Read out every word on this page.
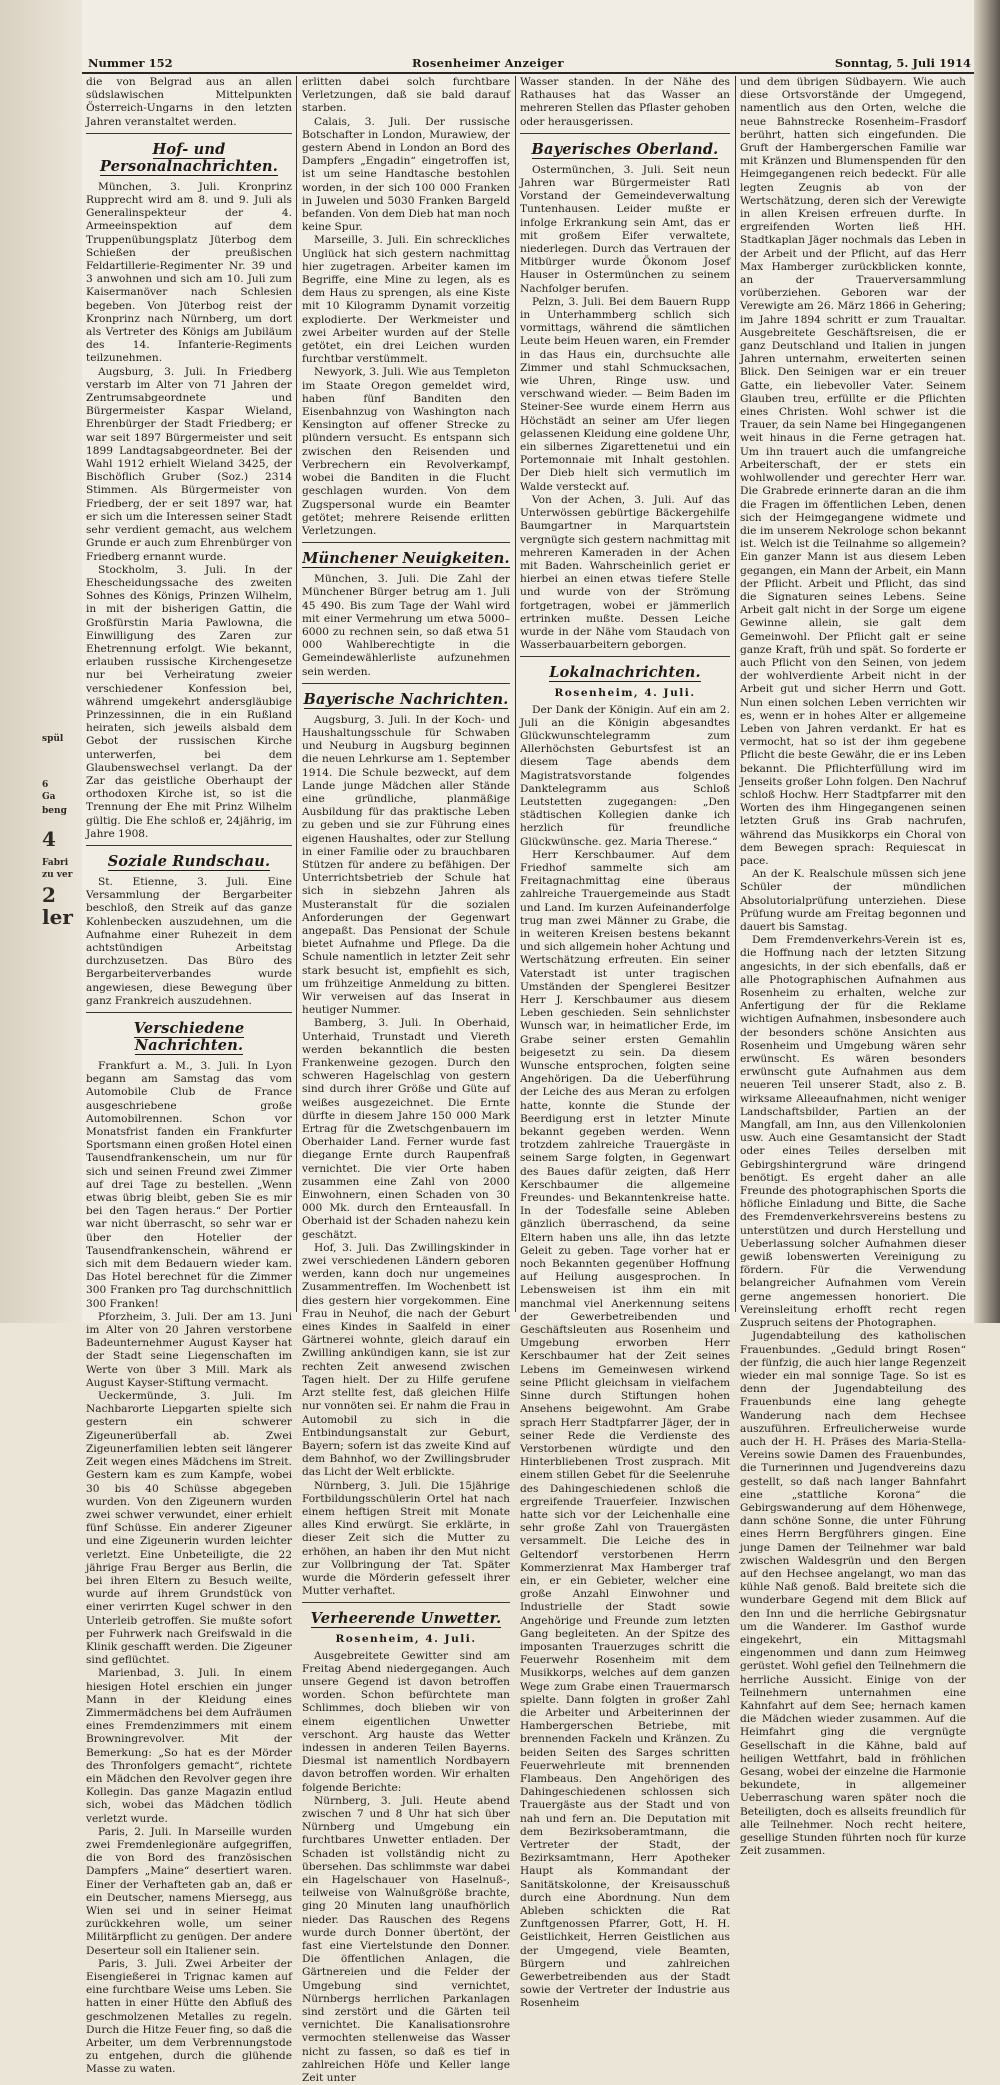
spül
6
Ga
beng
4
Fabri
zu ver
2 ler
Nummer 152	Rosenheimer Anzeiger	Sonntag, 5. Juli 1914

die von Belgrad aus an allen südslawischen Mittelpunkten Österreich-Ungarns in den letzten Jahren veranstaltet werden.

Hof- und Personalnachrichten.

München, 3. Juli. Kronprinz Rupprecht wird am 8. und 9. Juli als Generalinspekteur der 4. Armeeinspektion auf dem Truppenübungsplatz Jüterbog dem Schießen der preußischen Feldartillerie-Regimenter Nr. 39 und 3 anwohnen und sich am 10. Juli zum Kaisermanöver nach Schlesien begeben. Von Jüterbog reist der Kronprinz nach Nürnberg, um dort als Vertreter des Königs am Jubiläum des 14. Infanterie-Regiments teilzunehmen.

Augsburg, 3. Juli. In Friedberg verstarb im Alter von 71 Jahren der Zentrumsabgeordnete und Bürgermeister Kaspar Wieland, Ehrenbürger der Stadt Friedberg; er war seit 1897 Bürgermeister und seit 1899 Landtagsabgeordneter. Bei der Wahl 1912 erhielt Wieland 3425, der Bischöflich Gruber (Soz.) 2314 Stimmen. Als Bürgermeister von Friedberg, der er seit 1897 war, hat er sich um die Interessen seiner Stadt sehr verdient gemacht, aus welchem Grunde er auch zum Ehrenbürger von Friedberg ernannt wurde.

Stockholm, 3. Juli. In der Ehescheidungssache des zweiten Sohnes des Königs, Prinzen Wilhelm, in mit der bisherigen Gattin, die Großfürstin Maria Pawlowna, die Einwilligung des Zaren zur Ehetrennung erfolgt. Wie bekannt, erlauben russische Kirchengesetze nur bei Verheiratung zweier verschiedener Konfession bei, während umgekehrt andersgläubige Prinzessinnen, die in ein Rußland heiraten, sich jeweils alsbald dem Gebot der russischen Kirche unterwerfen, bei dem Glaubenswechsel verlangt. Da der Zar das geistliche Oberhaupt der orthodoxen Kirche ist, so ist die Trennung der Ehe mit Prinz Wilhelm gültig. Die Ehe schloß er, 24jährig, im Jahre 1908.

Soziale Rundschau.

St. Etienne, 3. Juli. Eine Versammlung der Bergarbeiter beschloß, den Streik auf das ganze Kohlenbecken auszudehnen, um die Aufnahme einer Ruhezeit in dem achtstündigen Arbeitstag durchzusetzen. Das Büro des Bergarbeiterverbandes wurde angewiesen, diese Bewegung über ganz Frankreich auszudehnen.

Verschiedene Nachrichten.

Frankfurt a. M., 3. Juli. In Lyon begann am Samstag das vom Automobile Club de France ausgeschriebene große Automobilrennen. Schon vor Monatsfrist fanden ein Frankfurter Sportsmann einen großen Hotel einen Tausendfrankenschein, um nur für sich und seinen Freund zwei Zimmer auf drei Tage zu bestellen. „Wenn etwas übrig bleibt, geben Sie es mir bei den Tagen heraus.“ Der Portier war nicht überrascht, so sehr war er über den Hotelier der Tausendfrankenschein, während er sich mit dem Bedauern wieder kam. Das Hotel berechnet für die Zimmer 300 Franken pro Tag durchschnittlich 300 Franken!

Pforzheim, 3. Juli. Der am 13. Juni im Alter von 20 Jahren verstorbene Badeunternehmer August Kayser hat der Stadt seine Liegenschaften im Werte von über 3 Mill. Mark als August Kayser-Stiftung vermacht.

Ueckermünde, 3. Juli. Im Nachbarorte Liepgarten spielte sich gestern ein schwerer Zigeunerüberfall ab. Zwei Zigeunerfamilien lebten seit längerer Zeit wegen eines Mädchens im Streit. Gestern kam es zum Kampfe, wobei 30 bis 40 Schüsse abgegeben wurden. Von den Zigeunern wurden zwei schwer verwundet, einer erhielt fünf Schüsse. Ein anderer Zigeuner und eine Zigeunerin wurden leichter verletzt. Eine Unbeteiligte, die 22 jährige Frau Berger aus Berlin, die bei ihren Eltern zu Besuch weilte, wurde auf ihrem Grundstück von einer verirrten Kugel schwer in den Unterleib getroffen. Sie mußte sofort per Fuhrwerk nach Greifswald in die Klinik geschafft werden. Die Zigeuner sind geflüchtet.

Marienbad, 3. Juli. In einem hiesigen Hotel erschien ein junger Mann in der Kleidung eines Zimmermädchens bei dem Aufräumen eines Fremdenzimmers mit einem Browningrevolver. Mit der Bemerkung: „So hat es der Mörder des Thronfolgers gemacht“, richtete ein Mädchen den Revolver gegen ihre Kollegin. Das ganze Magazin entlud sich, wobei das Mädchen tödlich verletzt wurde.

Paris, 2. Juli. In Marseille wurden zwei Fremdenlegionäre aufgegriffen, die von Bord des französischen Dampfers „Maine“ desertiert waren. Einer der Verhafteten gab an, daß er ein Deutscher, namens Miersegg, aus Wien sei und in seiner Heimat zurückkehren wolle, um seiner Militärpflicht zu genügen. Der andere Deserteur soll ein Italiener sein.

Paris, 3. Juli. Zwei Arbeiter der Eisengießerei in Trignac kamen auf eine furchtbare Weise ums Leben. Sie hatten in einer Hütte den Abfluß des geschmolzenen Metalles zu regeln. Durch die Hitze Feuer fing, so daß die Arbeiter, um dem Verbrennungstode zu entgehen, durch die glühende Masse zu waten.

erlitten dabei solch furchtbare Verletzungen, daß sie bald darauf starben.

Calais, 3. Juli. Der russische Botschafter in London, Murawiew, der gestern Abend in London an Bord des Dampfers „Engadin“ eingetroffen ist, ist um seine Handtasche bestohlen worden, in der sich 100 000 Franken in Juwelen und 5030 Franken Bargeld befanden. Von dem Dieb hat man noch keine Spur.

Marseille, 3. Juli. Ein schreckliches Unglück hat sich gestern nachmittag hier zugetragen. Arbeiter kamen im Begriffe, eine Mine zu legen, als es dem Haus zu sprengen, als eine Kiste mit 10 Kilogramm Dynamit vorzeitig explodierte. Der Werkmeister und zwei Arbeiter wurden auf der Stelle getötet, ein drei Leichen wurden furchtbar verstümmelt.

Newyork, 3. Juli. Wie aus Templeton im Staate Oregon gemeldet wird, haben fünf Banditen den Eisenbahnzug von Washington nach Kensington auf offener Strecke zu plündern versucht. Es entspann sich zwischen den Reisenden und Verbrechern ein Revolverkampf, wobei die Banditen in die Flucht geschlagen wurden. Von dem Zugspersonal wurde ein Beamter getötet; mehrere Reisende erlitten Verletzungen.

Münchener Neuigkeiten.

München, 3. Juli. Die Zahl der Münchener Bürger betrug am 1. Juli 45 490. Bis zum Tage der Wahl wird mit einer Vermehrung um etwa 5000–6000 zu rechnen sein, so daß etwa 51 000 Wahlberechtigte in die Gemeindewählerliste aufzunehmen sein werden.

Bayerische Nachrichten.

Augsburg, 3. Juli. In der Koch- und Haushaltungsschule für Schwaben und Neuburg in Augsburg beginnen die neuen Lehrkurse am 1. September 1914. Die Schule bezweckt, auf dem Lande junge Mädchen aller Stände eine gründliche, planmäßige Ausbildung für das praktische Leben zu geben und sie zur Führung eines eigenen Haushaltes, oder zur Stellung in einer Familie oder zu brauchbaren Stützen für andere zu befähigen. Der Unterrichtsbetrieb der Schule hat sich in siebzehn Jahren als Musteranstalt für die sozialen Anforderungen der Gegenwart angepaßt. Das Pensionat der Schule bietet Aufnahme und Pflege. Da die Schule namentlich in letzter Zeit sehr stark besucht ist, empfiehlt es sich, um frühzeitige Anmeldung zu bitten. Wir verweisen auf das Inserat in heutiger Nummer.

Bamberg, 3. Juli. In Oberhaid, Unterhaid, Trunstadt und Viereth werden bekanntlich die besten Frankenweine gezogen. Durch den schweren Hagelschlag von gestern sind durch ihrer Größe und Güte auf weißes ausgezeichnet. Die Ernte dürfte in diesem Jahre 150 000 Mark Ertrag für die Zwetschgenbauern im Oberhaider Land. Ferner wurde fast diegange Ernte durch Raupenfraß vernichtet. Die vier Orte haben zusammen eine Zahl von 2000 Einwohnern, einen Schaden von 30 000 Mk. durch den Ernteausfall. In Oberhaid ist der Schaden nahezu kein geschätzt.

Hof, 3. Juli. Das Zwillingskinder in zwei verschiedenen Ländern geboren werden, kann doch nur ungemeines Zusammentreffen. Im Wochenbett ist dies gestern hier vorgekommen. Eine Frau in Neuhof, die nach der Geburt eines Kindes in Saalfeld in einer Gärtnerei wohnte, gleich darauf ein Zwilling ankündigen kann, sie ist zur rechten Zeit anwesend zwischen Tagen hielt. Der zu Hilfe gerufene Arzt stellte fest, daß gleichen Hilfe nur vonnöten sei. Er nahm die Frau in Automobil zu sich in die Entbindungsanstalt zur Geburt, Bayern; sofern ist das zweite Kind auf dem Bahnhof, wo der Zwillingsbruder das Licht der Welt erblickte.

Nürnberg, 3. Juli. Die 15jährige Fortbildungsschülerin Ortel hat nach einem heftigen Streit mit Monate alles Kind erwürgt. Sie erklärte, in dieser Zeit sich die Mutter zu erhöhen, an haben ihr den Mut nicht zur Vollbringung der Tat. Später wurde die Mörderin gefesselt ihrer Mutter verhaftet.

Verheerende Unwetter.
Rosenheim, 4. Juli.

Ausgebreitete Gewitter sind am Freitag Abend niedergegangen. Auch unsere Gegend ist davon betroffen worden. Schon befürchtete man Schlimmes, doch blieben wir von einem eigentlichen Unwetter verschont. Arg hauste das Wetter indessen in anderen Teilen Bayerns. Diesmal ist namentlich Nordbayern davon betroffen worden. Wir erhalten folgende Berichte:

Nürnberg, 3. Juli. Heute abend zwischen 7 und 8 Uhr hat sich über Nürnberg und Umgebung ein furchtbares Unwetter entladen. Der Schaden ist vollständig nicht zu übersehen. Das schlimmste war dabei ein Hagelschauer von Haselnuß-, teilweise von Walnußgröße brachte, ging 20 Minuten lang unaufhörlich nieder. Das Rauschen des Regens wurde durch Donner übertönt, der fast eine Viertelstunde den Donner. Die öffentlichen Anlagen, die Gärtnereien und die Felder der Umgebung sind vernichtet, Nürnbergs herrlichen Parkanlagen sind zerstört und die Gärten teil vernichtet. Die Kanalisationsrohre vermochten stellenweise das Wasser nicht zu fassen, so daß es tief in zahlreichen Höfe und Keller lange Zeit unter

Wasser standen. In der Nähe des Rathauses hat das Wasser an mehreren Stellen das Pflaster gehoben oder herausgerissen.

Bayerisches Oberland.

Ostermünchen, 3. Juli. Seit neun Jahren war Bürgermeister Ratl Vorstand der Gemeindeverwaltung Tuntenhausen. Leider mußte er infolge Erkrankung sein Amt, das er mit großem Eifer verwaltete, niederlegen. Durch das Vertrauen der Mitbürger wurde Ökonom Josef Hauser in Ostermünchen zu seinem Nachfolger berufen.

Pelzn, 3. Juli. Bei dem Bauern Rupp in Unterhammberg schlich sich vormittags, während die sämtlichen Leute beim Heuen waren, ein Fremder in das Haus ein, durchsuchte alle Zimmer und stahl Schmucksachen, wie Uhren, Ringe usw. und verschwand wieder. — Beim Baden im Steiner-See wurde einem Herrn aus Höchstädt an seiner am Ufer liegen gelassenen Kleidung eine goldene Uhr, ein silbernes Zigarettenetui und ein Portemonnaie mit Inhalt gestohlen. Der Dieb hielt sich vermutlich im Walde versteckt auf.

Von der Achen, 3. Juli. Auf das Unterwössen gebürtige Bäckergehilfe Baumgartner in Marquartstein vergnügte sich gestern nachmittag mit mehreren Kameraden in der Achen mit Baden. Wahrscheinlich geriet er hierbei an einen etwas tiefere Stelle und wurde von der Strömung fortgetragen, wobei er jämmerlich ertrinken mußte. Dessen Leiche wurde in der Nähe vom Staudach von Wasserbauarbeitern geborgen.

Lokalnachrichten.
Rosenheim, 4. Juli.

Der Dank der Königin. Auf ein am 2. Juli an die Königin abgesandtes Glückwunschtelegramm zum Allerhöchsten Geburtsfest ist an diesem Tage abends dem Magistratsvorstande folgendes Danktelegramm aus Schloß Leutstetten zugegangen: „Den städtischen Kollegien danke ich herzlich für freundliche Glückwünsche. gez. Maria Therese.“

Herr Kerschbaumer. Auf dem Friedhof sammelte sich am Freitagnachmittag eine überaus zahlreiche Trauergemeinde aus Stadt und Land. Im kurzen Aufeinanderfolge trug man zwei Männer zu Grabe, die in weiteren Kreisen bestens bekannt und sich allgemein hoher Achtung und Wertschätzung erfreuten. Ein seiner Vaterstadt ist unter tragischen Umständen der Spenglerei Besitzer Herr J. Kerschbaumer aus diesem Leben geschieden. Sein sehnlichster Wunsch war, in heimatlicher Erde, im Grabe seiner ersten Gemahlin beigesetzt zu sein. Da diesem Wunsche entsprochen, folgten seine Angehörigen. Da die Ueberführung der Leiche des aus Meran zu erfolgen hatte, konnte die Stunde der Beerdigung erst in letzter Minute bekannt gegeben werden. Wenn trotzdem zahlreiche Trauergäste in seinem Sarge folgten, in Gegenwart des Baues dafür zeigten, daß Herr Kerschbaumer die allgemeine Freundes- und Bekanntenkreise hatte. In der Todesfalle seine Ableben gänzlich überraschend, da seine Eltern haben uns alle, ihn das letzte Geleit zu geben. Tage vorher hat er noch Bekannten gegenüber Hoffnung auf Heilung ausgesprochen. In Lebensweisen ist ihm ein mit manchmal viel Anerkennung seitens der Gewerbetreibenden und Geschäftsleuten aus Rosenheim und Umgebung erworben Herr Kerschbaumer hat der Zeit seines Lebens im Gemeinwesen wirkend seine Pflicht gleichsam in vielfachem Sinne durch Stiftungen hohen Ansehens beigewohnt. Am Grabe sprach Herr Stadtpfarrer Jäger, der in seiner Rede die Verdienste des Verstorbenen würdigte und den Hinterbliebenen Trost zusprach. Mit einem stillen Gebet für die Seelenruhe des Dahingeschiedenen schloß die ergreifende Trauerfeier. Inzwischen hatte sich vor der Leichenhalle eine sehr große Zahl von Trauergästen versammelt. Die Leiche des in Geltendorf verstorbenen Herrn Kommerzienrat Max Hamberger traf ein, er ein Gebieter, welcher eine große Anzahl Einwohner und Industrielle der Stadt sowie Angehörige und Freunde zum letzten Gang begleiteten. An der Spitze des imposanten Trauerzuges schritt die Feuerwehr Rosenheim mit dem Musikkorps, welches auf dem ganzen Wege zum Grabe einen Trauermarsch spielte. Dann folgten in großer Zahl die Arbeiter und Arbeiterinnen der Hambergerschen Betriebe, mit brennenden Fackeln und Kränzen. Zu beiden Seiten des Sarges schritten Feuerwehrleute mit brennenden Flambeaus. Den Angehörigen des Dahingeschiedenen schlossen sich Trauergäste aus der Stadt und von nah und fern an. Die Deputation mit dem Bezirksoberamtmann, die Vertreter der Stadt, der Bezirksamtmann, Herr Apotheker Haupt als Kommandant der Sanitätskolonne, der Kreisausschuß durch eine Abordnung. Nun dem Ableben schickten die Rat Zunftgenossen Pfarrer, Gott, H. H. Geistlichkeit, Herren Geistlichen aus der Umgegend, viele Beamten, Bürgern und zahlreichen Gewerbetreibenden aus der Stadt sowie der Vertreter der Industrie aus Rosenheim

und dem übrigen Südbayern. Wie auch diese Ortsvorstände der Umgegend, namentlich aus den Orten, welche die neue Bahnstrecke Rosenheim–Frasdorf berührt, hatten sich eingefunden. Die Gruft der Hambergerschen Familie war mit Kränzen und Blumenspenden für den Heimgegangenen reich bedeckt. Für alle legten Zeugnis ab von der Wertschätzung, deren sich der Verewigte in allen Kreisen erfreuen durfte. In ergreifenden Worten ließ HH. Stadtkaplan Jäger nochmals das Leben in der Arbeit und der Pflicht, auf das Herr Max Hamberger zurückblicken konnte, an der Trauerversammlung vorüberziehen. Geboren war der Verewigte am 26. März 1866 in Gehering; im Jahre 1894 schritt er zum Traualtar. Ausgebreitete Geschäftsreisen, die er ganz Deutschland und Italien in jungen Jahren unternahm, erweiterten seinen Blick. Den Seinigen war er ein treuer Gatte, ein liebevoller Vater. Seinem Glauben treu, erfüllte er die Pflichten eines Christen. Wohl schwer ist die Trauer, da sein Name bei Hingegangenen weit hinaus in die Ferne getragen hat. Um ihn trauert auch die umfangreiche Arbeiterschaft, der er stets ein wohlwollender und gerechter Herr war. Die Grabrede erinnerte daran an die ihm die Fragen im öffentlichen Leben, denen sich der Heimgegangene widmete und die im unserem Nekrologe schon bekannt ist. Welch ist die Teilnahme so allgemein? Ein ganzer Mann ist aus diesem Leben gegangen, ein Mann der Arbeit, ein Mann der Pflicht. Arbeit und Pflicht, das sind die Signaturen seines Lebens. Seine Arbeit galt nicht in der Sorge um eigene Gewinne allein, sie galt dem Gemeinwohl. Der Pflicht galt er seine ganze Kraft, früh und spät. So forderte er auch Pflicht von den Seinen, von jedem der wohlverdiente Arbeit nicht in der Arbeit gut und sicher Herrn und Gott. Nun einen solchen Leben verrichten wir es, wenn er in hohes Alter er allgemeine Leben von Jahren verdankt. Er hat es vermocht, hat so ist der ihm gegebene Pflicht die beste Gewähr, die er ins Leben bekannt. Die Pflichterfüllung wird im Jenseits großer Lohn folgen. Den Nachruf schloß Hochw. Herr Stadtpfarrer mit den Worten des ihm Hingegangenen seinen letzten Gruß ins Grab nachrufen, während das Musikkorps ein Choral von dem Bewegen sprach: Requiescat in pace.

An der K. Realschule müssen sich jene Schüler der mündlichen Absolutorialprüfung unterziehen. Diese Prüfung wurde am Freitag begonnen und dauert bis Samstag.

Dem Fremdenverkehrs-Verein ist es, die Hoffnung nach der letzten Sitzung angesichts, in der sich ebenfalls, daß er alle Photographischen Aufnahmen aus Rosenheim zu erhalten, welche zur Anfertigung der für die Reklame wichtigen Aufnahmen, insbesondere auch der besonders schöne Ansichten aus Rosenheim und Umgebung wären sehr erwünscht. Es wären besonders erwünscht gute Aufnahmen aus dem neueren Teil unserer Stadt, also z. B. wirksame Alleeaufnahmen, nicht weniger Landschaftsbilder, Partien an der Mangfall, am Inn, aus den Villenkolonien usw. Auch eine Gesamtansicht der Stadt oder eines Teiles derselben mit Gebirgshintergrund wäre dringend benötigt. Es ergeht daher an alle Freunde des photographischen Sports die höfliche Einladung und Bitte, die Sache des Fremdenverkehrsvereins bestens zu unterstützen und durch Herstellung und Ueberlassung solcher Aufnahmen dieser gewiß lobenswerten Vereinigung zu fördern. Für die Verwendung belangreicher Aufnahmen vom Verein gerne angemessen honoriert. Die Vereinsleitung erhofft recht regen Zuspruch seitens der Photographen.

Jugendabteilung des katholischen Frauenbundes. „Geduld bringt Rosen“ der fünfzig, die auch hier lange Regenzeit wieder ein mal sonnige Tage. So ist es denn der Jugendabteilung des Frauenbunds eine lang gehegte Wanderung nach dem Hechsee auszuführen. Erfreulicherweise wurde auch der H. H. Präses des Maria-Stella-Vereins sowie Damen des Frauenbundes, die Turnerinnen und Jugendvereins dazu gestellt, so daß nach langer Bahnfahrt eine „stattliche Korona“ die Gebirgswanderung auf dem Höhenwege, dann schöne Sonne, die unter Führung eines Herrn Bergführers gingen. Eine junge Damen der Teilnehmer war bald zwischen Waldesgrün und den Bergen auf den Hechsee angelangt, wo man das kühle Naß genoß. Bald breitete sich die wunderbare Gegend mit dem Blick auf den Inn und die herrliche Gebirgsnatur um die Wanderer. Im Gasthof wurde eingekehrt, ein Mittagsmahl eingenommen und dann zum Heimweg gerüstet. Wohl gefiel den Teilnehmern die herrliche Aussicht. Einige von der Teilnehmern unternahmen eine Kahnfahrt auf dem See; hernach kamen die Mädchen wieder zusammen. Auf die Heimfahrt ging die vergnügte Gesellschaft in die Kähne, bald auf heiligen Wettfahrt, bald in fröhlichen Gesang, wobei der einzelne die Harmonie bekundete, in allgemeiner Ueberraschung waren später noch die Beteiligten, doch es allseits freundlich für alle Teilnehmer. Noch recht heitere, gesellige Stunden führten noch für kurze Zeit zusammen.
